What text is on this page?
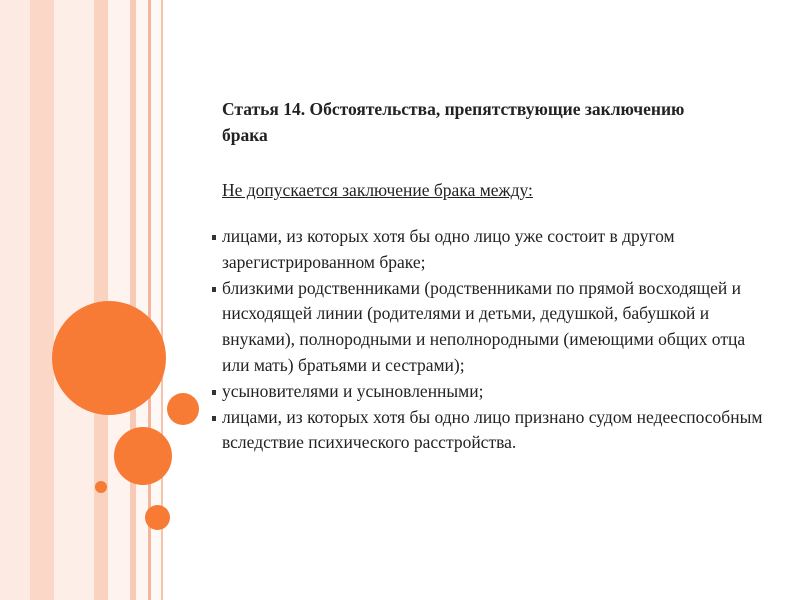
Статья 14. Обстоятельства, препятствующие заключению брака
Не допускается заключение брака между:
лицами, из которых хотя бы одно лицо уже состоит в другом зарегистрированном браке;
близкими родственниками (родственниками по прямой восходящей и нисходящей линии (родителями и детьми, дедушкой, бабушкой и внуками), полнородными и неполнородными (имеющими общих отца или мать) братьями и сестрами);
усыновителями и усыновленными;
лицами, из которых хотя бы одно лицо признано судом недееспособным вследствие психического расстройства.
